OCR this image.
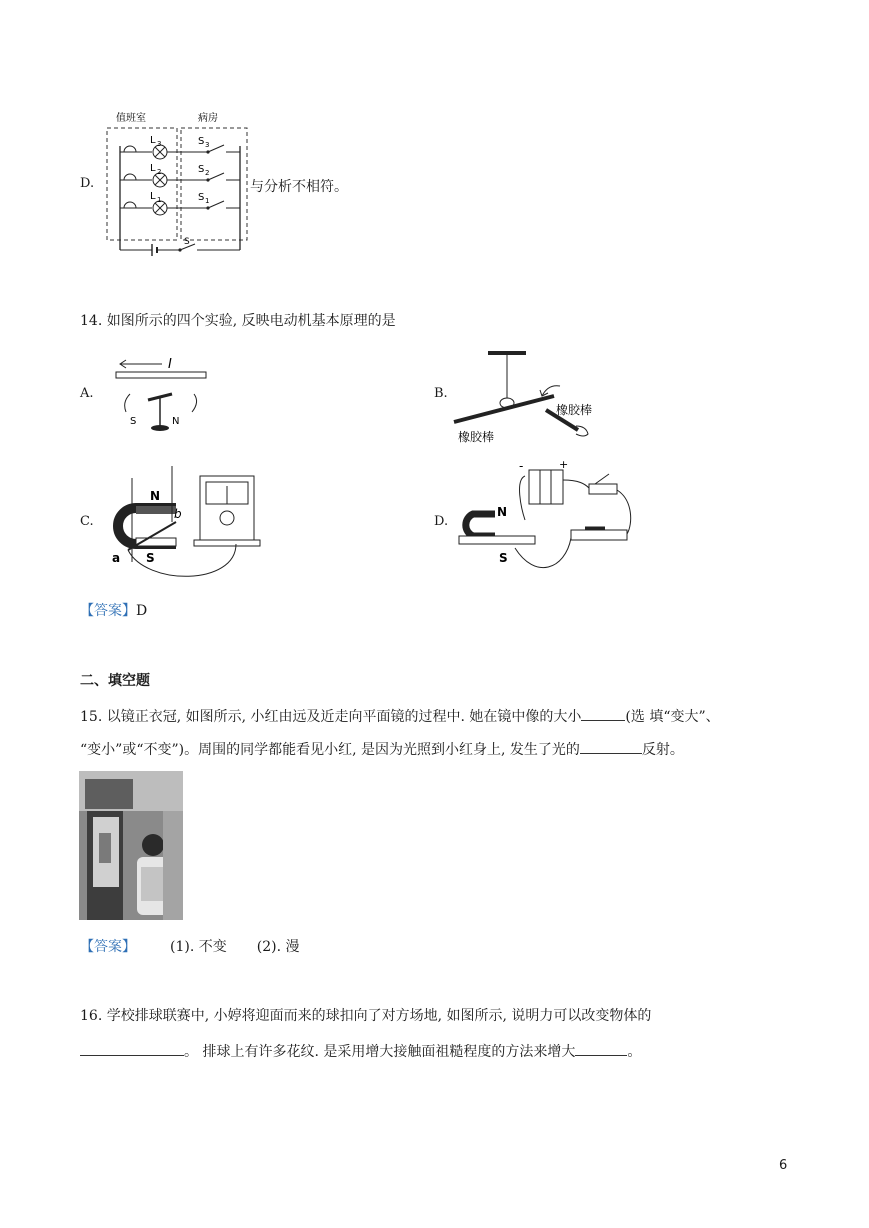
D.
值班室	病房
L 3	S 3
L 2	S 2
L 1	S 1
S
与分析不相符。
14. 如图所示的四个实验, 反映电动机基本原理的是
A.
I
S	N
B.
橡胶棒
橡胶棒
C.
N
S
a
b	D.
-	+
N
S
【答案】D
二、填空题
15. 以镜正衣冠, 如图所示, 小红由远及近走向平面镜的过程中. 她在镜中像的大小	(选 填“变大”、
“变小”或“不变”)。周围的同学都能看见小红, 是因为光照到小红身上, 发生了光的	反射。
【答案】 (1). 不变 (2). 漫
16. 学校排球联赛中, 小婷将迎面而来的球扣向了对方场地, 如图所示, 说明力可以改变物体的
。 排球上有许多花纹. 是采用增大接触面祖糙程度的方法来增大	。
6
